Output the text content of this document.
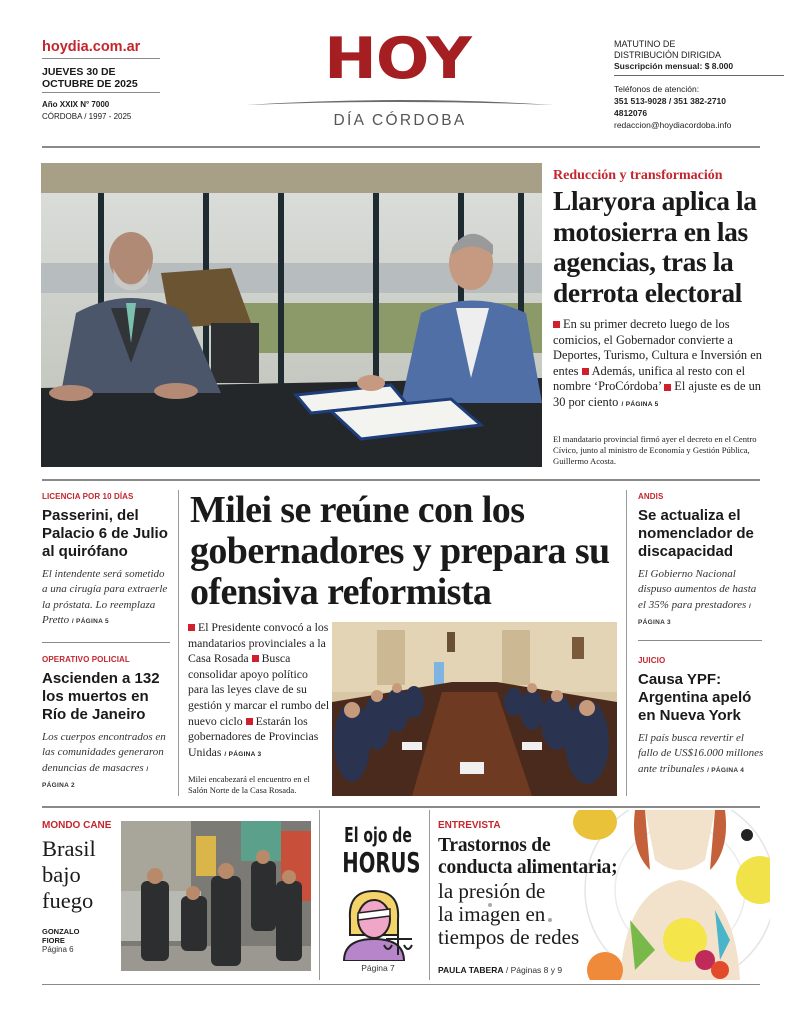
hoydia.com.ar
JUEVES 30 DE
OCTUBRE DE 2025
Año XXIX N° 7000
CÓRDOBA / 1997 - 2025
HOY
DÍA CÓRDOBA
MATUTINO DE
DISTRIBUCIÓN DIRIGIDA
Suscripción mensual: $ 8.000
Teléfonos de atención:
351 513-9028 / 351 382-2710
4812076
redaccion@hoydiacordoba.info
Reducción y transformación
Llaryora aplica la motosierra en las agencias, tras la derrota electoral
En su primer decreto luego de los comicios, el Gobernador convierte a Deportes, Turismo, Cultura e Inversión en entes Además, unifica al resto con el nombre ‘ProCórdoba’ El ajuste es de un 30 por ciento / PÁGINA 5
El mandatario provincial firmó ayer el decreto en el Centro Cívico, junto al ministro de Economía y Gestión Pública, Guillermo Acosta.
LICENCIA POR 10 DÍAS
Passerini, del Palacio 6 de Julio al quirófano
El intendente será sometido a una cirugía para extraerle la próstata. Lo reemplaza Pretto / PÁGINA 5
OPERATIVO POLICIAL
Ascienden a 132 los muertos en Río de Janeiro
Los cuerpos encontrados en las comunidades generaron denuncias de masacres / PÁGINA 2
Milei se reúne con los gobernadores y prepara su ofensiva reformista
El Presidente convocó a los mandatarios provinciales a la Casa Rosada Busca consolidar apoyo político para las leyes clave de su gestión y marcar el rumbo del nuevo ciclo Estarán los gobernadores de Provincias Unidas / PÁGINA 3
Milei encabezará el encuentro en el Salón Norte de la Casa Rosada.
ANDIS
Se actualiza el nomenclador de discapacidad
El Gobierno Nacional dispuso aumentos de hasta el 35% para prestadores / PÁGINA 3
JUICIO
Causa YPF: Argentina apeló en Nueva York
El país busca revertir el fallo de US$16.000 millones ante tribunales / PÁGINA 4
MONDO CANE
Brasil bajo fuego
GONZALO
FIORE
Página 6
El ojo de
HORUS
Página 7
ENTREVISTA
Trastornos de
conducta alimentaria;
la presión de
la imagen en
tiempos de redes
PAULA TABERA / Páginas 8 y 9
